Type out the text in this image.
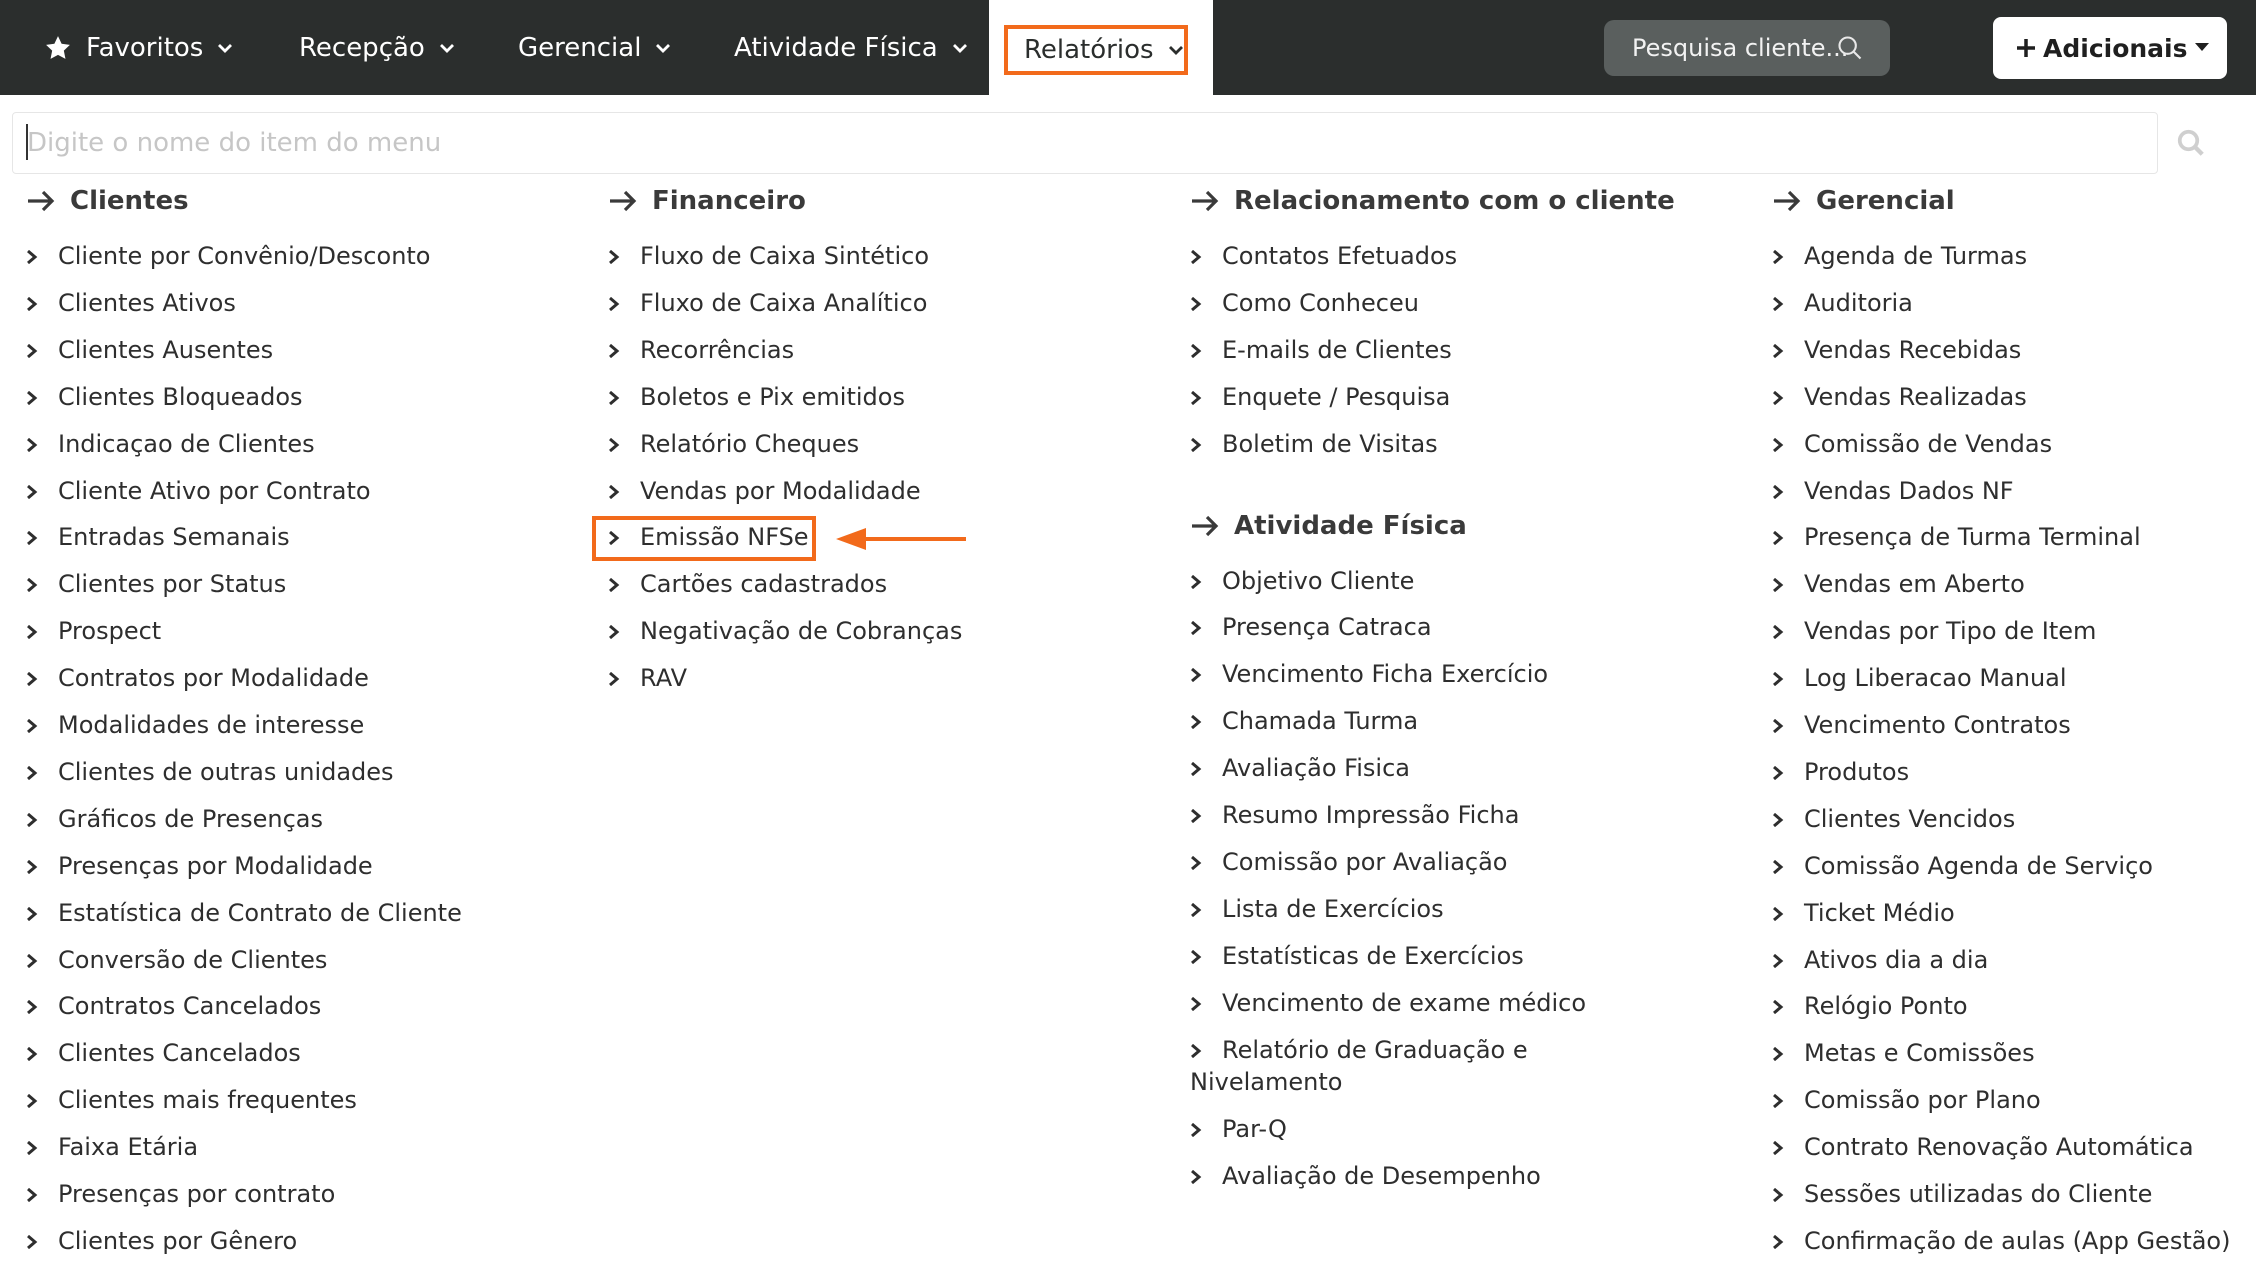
Favoritos	Recepção	Gerencial	Atividade Física	Relatórios	Pesquisa cliente...	Adicionais
Digite o nome do item do menu
Clientes
Cliente por Convênio/Desconto
Clientes Ativos
Clientes Ausentes
Clientes Bloqueados
Indicaçao de Clientes
Cliente Ativo por Contrato
Entradas Semanais
Clientes por Status
Prospect
Contratos por Modalidade
Modalidades de interesse
Clientes de outras unidades
Gráficos de Presenças
Presenças por Modalidade
Estatística de Contrato de Cliente
Conversão de Clientes
Contratos Cancelados
Clientes Cancelados
Clientes mais frequentes
Faixa Etária
Presenças por contrato
Clientes por Gênero
Financeiro
Fluxo de Caixa Sintético
Fluxo de Caixa Analítico
Recorrências
Boletos e Pix emitidos
Relatório Cheques
Vendas por Modalidade
Emissão NFSe
Cartões cadastrados
Negativação de Cobranças
RAV
Relacionamento com o cliente
Contatos Efetuados
Como Conheceu
E-mails de Clientes
Enquete / Pesquisa
Boletim de Visitas
Atividade Física
Objetivo Cliente
Presença Catraca
Vencimento Ficha Exercício
Chamada Turma
Avaliação Fisica
Resumo Impressão Ficha
Comissão por Avaliação
Lista de Exercícios
Estatísticas de Exercícios
Vencimento de exame médico
Relatório de Graduação e Nivelamento
Par-Q
Avaliação de Desempenho
Gerencial
Agenda de Turmas
Auditoria
Vendas Recebidas
Vendas Realizadas
Comissão de Vendas
Vendas Dados NF
Presença de Turma Terminal
Vendas em Aberto
Vendas por Tipo de Item
Log Liberacao Manual
Vencimento Contratos
Produtos
Clientes Vencidos
Comissão Agenda de Serviço
Ticket Médio
Ativos dia a dia
Relógio Ponto
Metas e Comissões
Comissão por Plano
Contrato Renovação Automática
Sessões utilizadas do Cliente
Confirmação de aulas (App Gestão)
